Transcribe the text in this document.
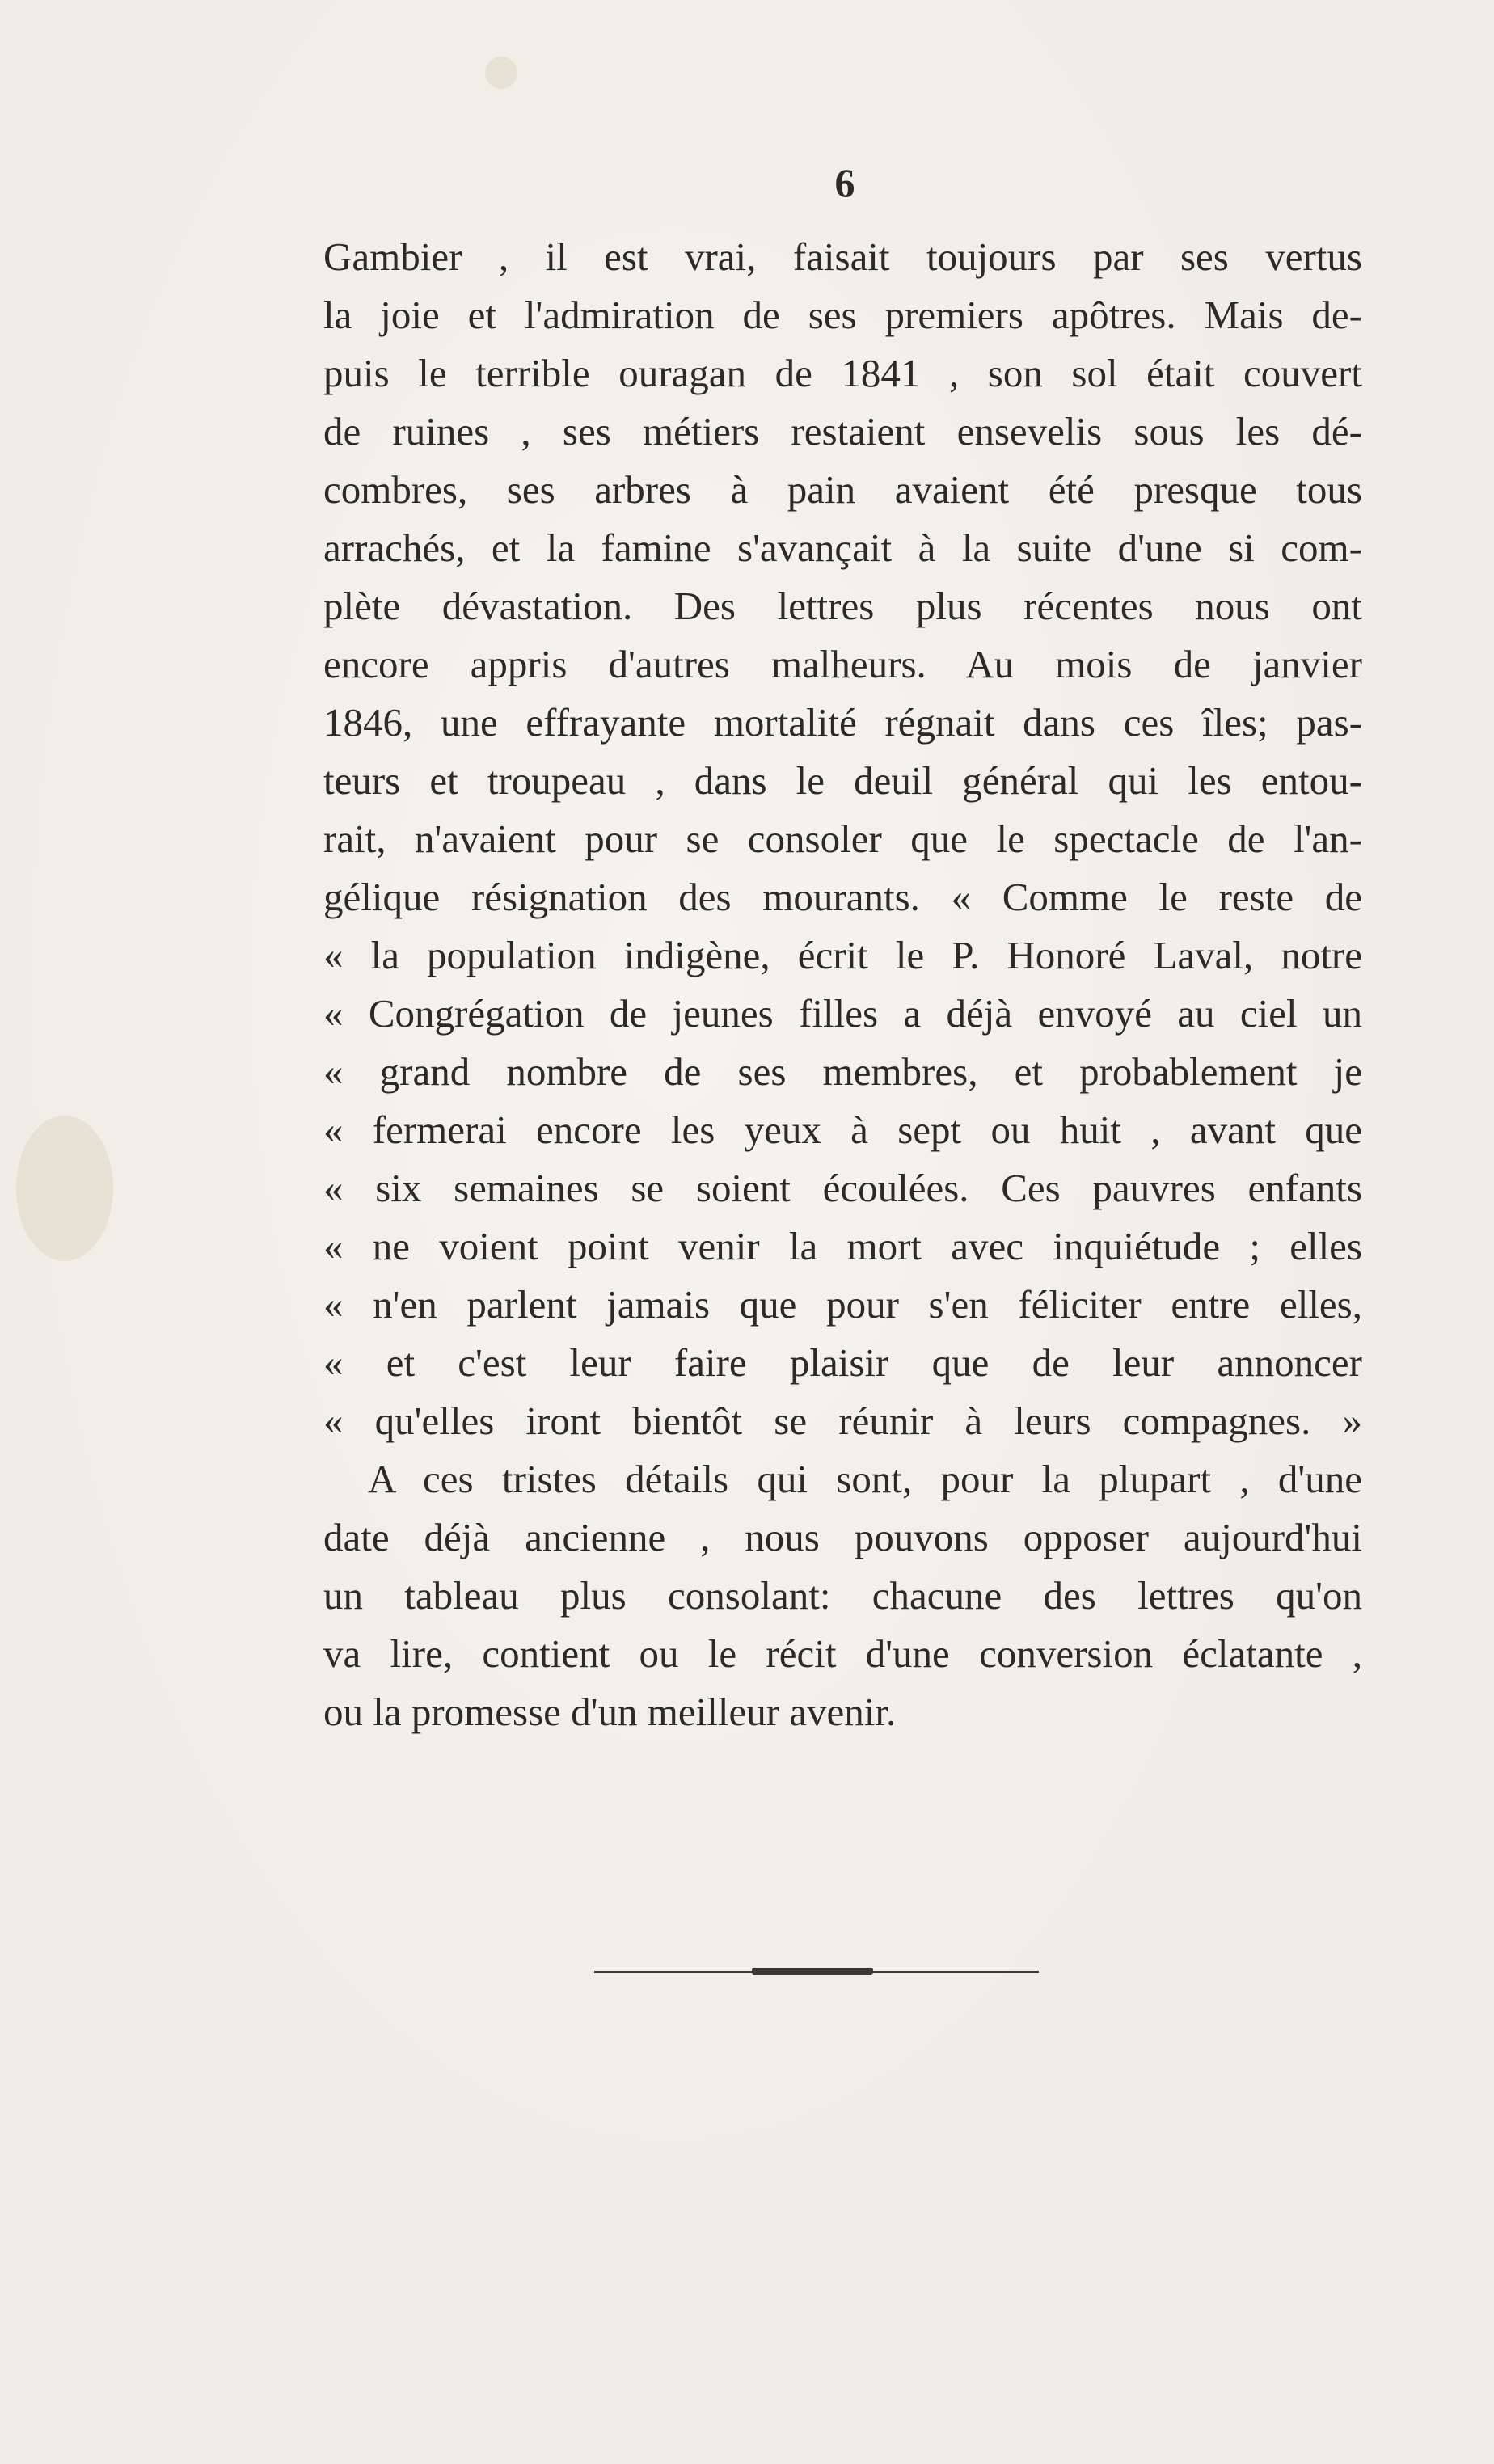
6
Gambier , il est vrai, faisait toujours par ses vertus
la joie et l'admiration de ses premiers apôtres. Mais de-
puis le terrible ouragan de 1841 , son sol était couvert
de ruines , ses métiers restaient ensevelis sous les dé-
combres, ses arbres à pain avaient été presque tous
arrachés, et la famine s'avançait à la suite d'une si com-
plète dévastation. Des lettres plus récentes nous ont
encore appris d'autres malheurs. Au mois de janvier
1846, une effrayante mortalité régnait dans ces îles; pas-
teurs et troupeau , dans le deuil général qui les entou-
rait, n'avaient pour se consoler que le spectacle de l'an-
gélique résignation des mourants. « Comme le reste de
« la population indigène, écrit le P. Honoré Laval, notre
« Congrégation de jeunes filles a déjà envoyé au ciel un
« grand nombre de ses membres, et probablement je
« fermerai encore les yeux à sept ou huit , avant que
« six semaines se soient écoulées. Ces pauvres enfants
« ne voient point venir la mort avec inquiétude ; elles
« n'en parlent jamais que pour s'en féliciter entre elles,
« et c'est leur faire plaisir que de leur annoncer
« qu'elles iront bientôt se réunir à leurs compagnes. »
A ces tristes détails qui sont, pour la plupart , d'une
date déjà ancienne , nous pouvons opposer aujourd'hui
un tableau plus consolant: chacune des lettres qu'on
va lire, contient ou le récit d'une conversion éclatante ,
ou la promesse d'un meilleur avenir.
